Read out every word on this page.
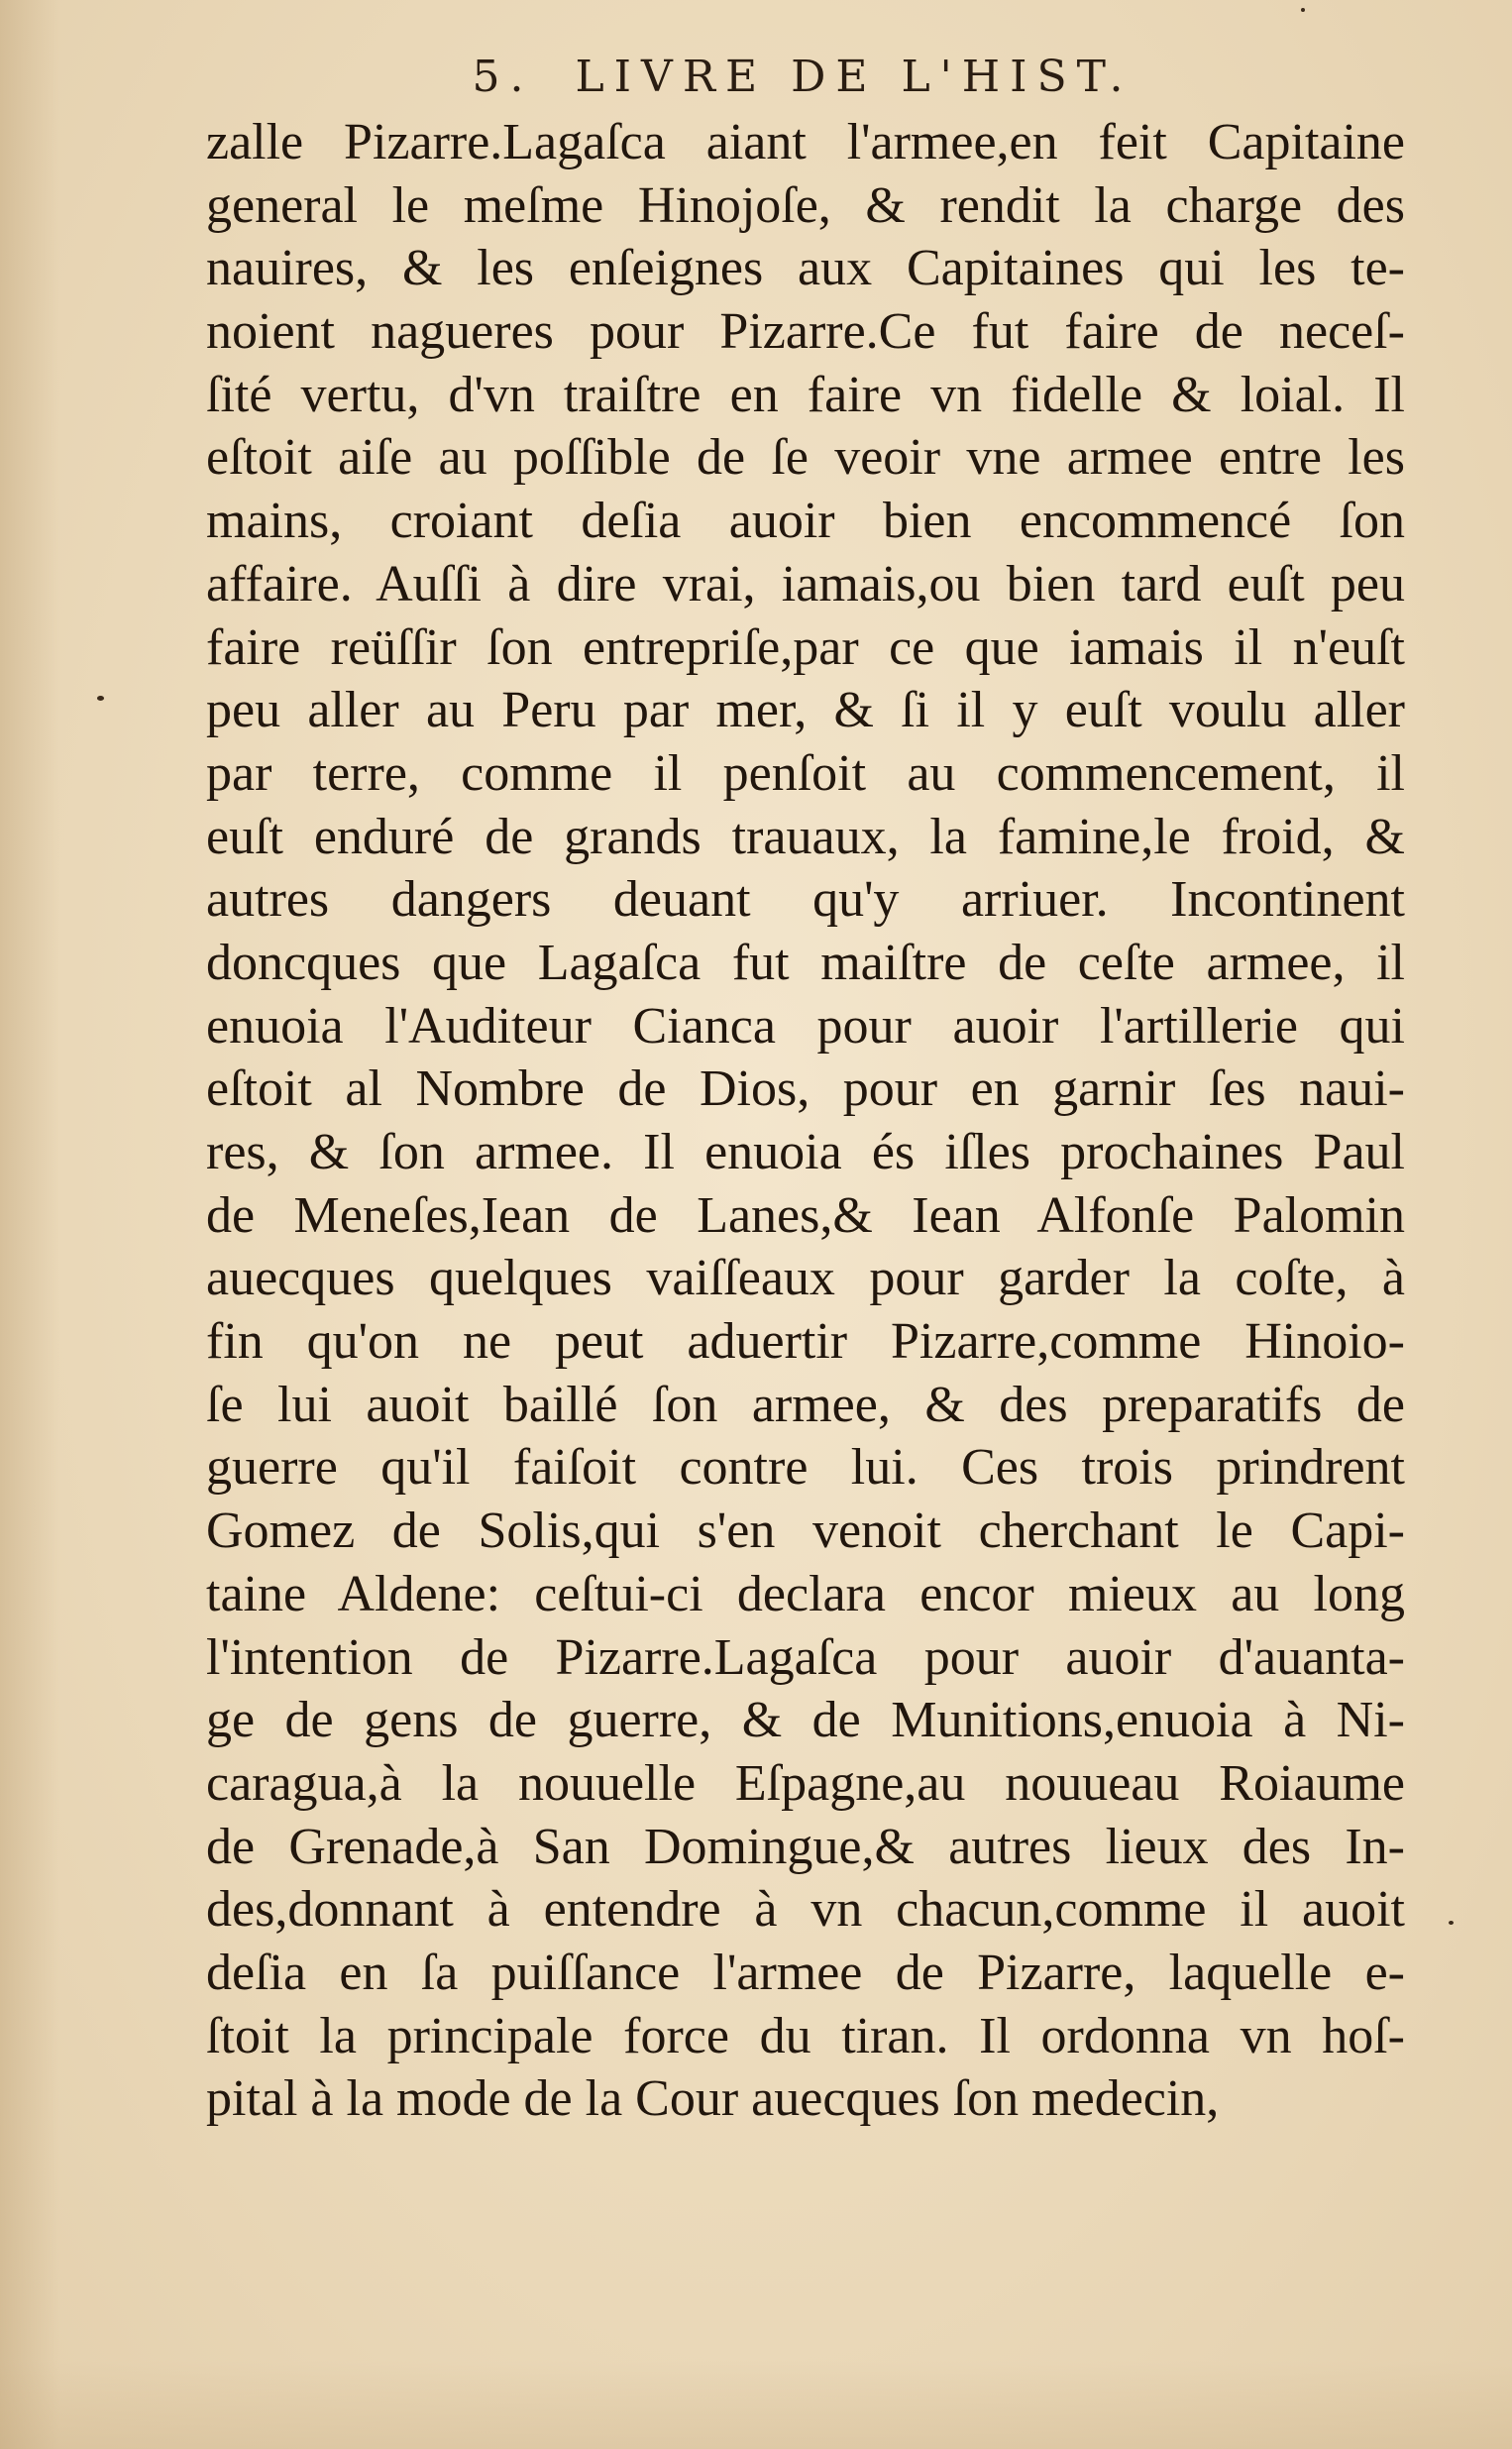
5. LIVRE DE L'HIST.
zalle Pizarre.Lagaſca aiant l'armee,en feit Capitaine
general le meſme Hinojoſe, & rendit la charge des
nauires, & les enſeignes aux Capitaines qui les te-
noient nagueres pour Pizarre.Ce fut faire de neceſ-
ſité vertu, d'vn traiſtre en faire vn fidelle & loial. Il
eſtoit aiſe au poſſible de ſe veoir vne armee entre les
mains, croiant deſia auoir bien encommencé ſon
affaire. Auſſi à dire vrai, iamais,ou bien tard euſt peu
faire reüſſir ſon entrepriſe,par ce que iamais il n'euſt
peu aller au Peru par mer, & ſi il y euſt voulu aller
par terre, comme il penſoit au commencement, il
euſt enduré de grands trauaux, la famine,le froid, &
autres dangers deuant qu'y arriuer. Incontinent
doncques que Lagaſca fut maiſtre de ceſte armee, il
enuoia l'Auditeur Cianca pour auoir l'artillerie qui
eſtoit al Nombre de Dios, pour en garnir ſes naui-
res, & ſon armee. Il enuoia és iſles prochaines Paul
de Meneſes,Iean de Lanes,& Iean Alfonſe Palomin
auecques quelques vaiſſeaux pour garder la coſte, à
fin qu'on ne peut aduertir Pizarre,comme Hinoio-
ſe lui auoit baillé ſon armee, & des preparatifs de
guerre qu'il faiſoit contre lui. Ces trois prindrent
Gomez de Solis,qui s'en venoit cherchant le Capi-
taine Aldene: ceſtui-ci declara encor mieux au long
l'intention de Pizarre.Lagaſca pour auoir d'auanta-
ge de gens de guerre, & de Munitions,enuoia à Ni-
caragua,à la nouuelle Eſpagne,au nouueau Roiaume
de Grenade,à San Domingue,& autres lieux des In-
des,donnant à entendre à vn chacun,comme il auoit
deſia en ſa puiſſance l'armee de Pizarre, laquelle e-
ſtoit la principale force du tiran. Il ordonna vn hoſ-
pital à la mode de la Cour auecques ſon medecin,
